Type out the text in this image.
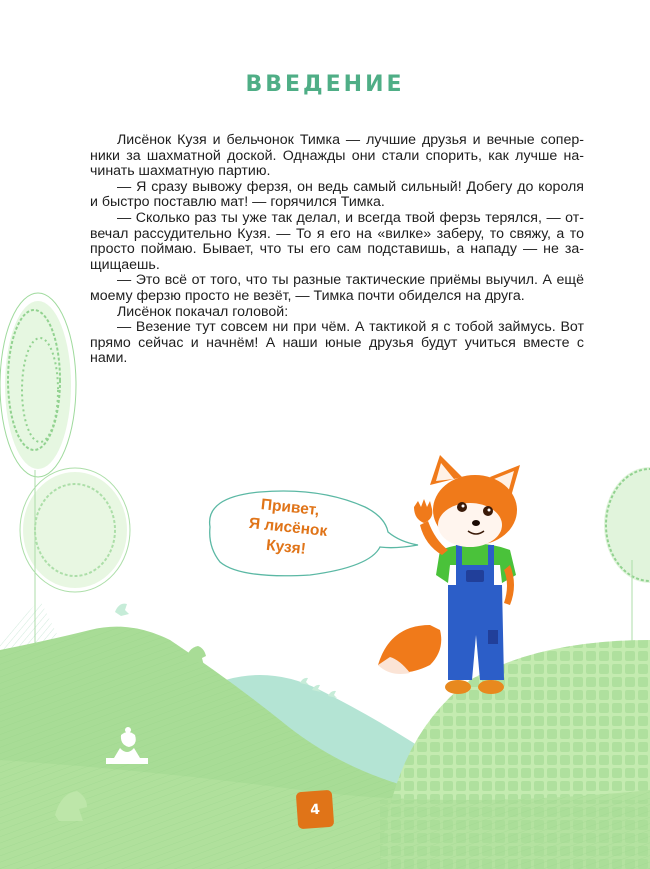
ВВЕДЕНИЕ

Лисёнок Кузя и бельчонок Тимка — лучшие друзья и вечные соперники за шахматной доской. Однажды они стали спорить, как лучше начинать шахматную партию.

— Я сразу вывожу ферзя, он ведь самый сильный! Добегу до короля и быстро поставлю мат! — горячился Тимка.

— Сколько раз ты уже так делал, и всегда твой ферзь терялся, — отвечал рассудительно Кузя. — То я его на «вилке» заберу, то свяжу, а то просто поймаю. Бывает, что ты его сам подставишь, а нападу — не защищаешь.

— Это всё от того, что ты разные тактические приёмы выучил. А ещё моему ферзю просто не везёт, — Тимка почти обиделся на друга.

Лисёнок покачал головой:

— Везение тут совсем ни при чём. А тактикой я с тобой займусь. Вот прямо сейчас и начнём! А наши юные друзья будут учиться вместе с нами.

Привет,
Я лисёнок
Кузя!
4
